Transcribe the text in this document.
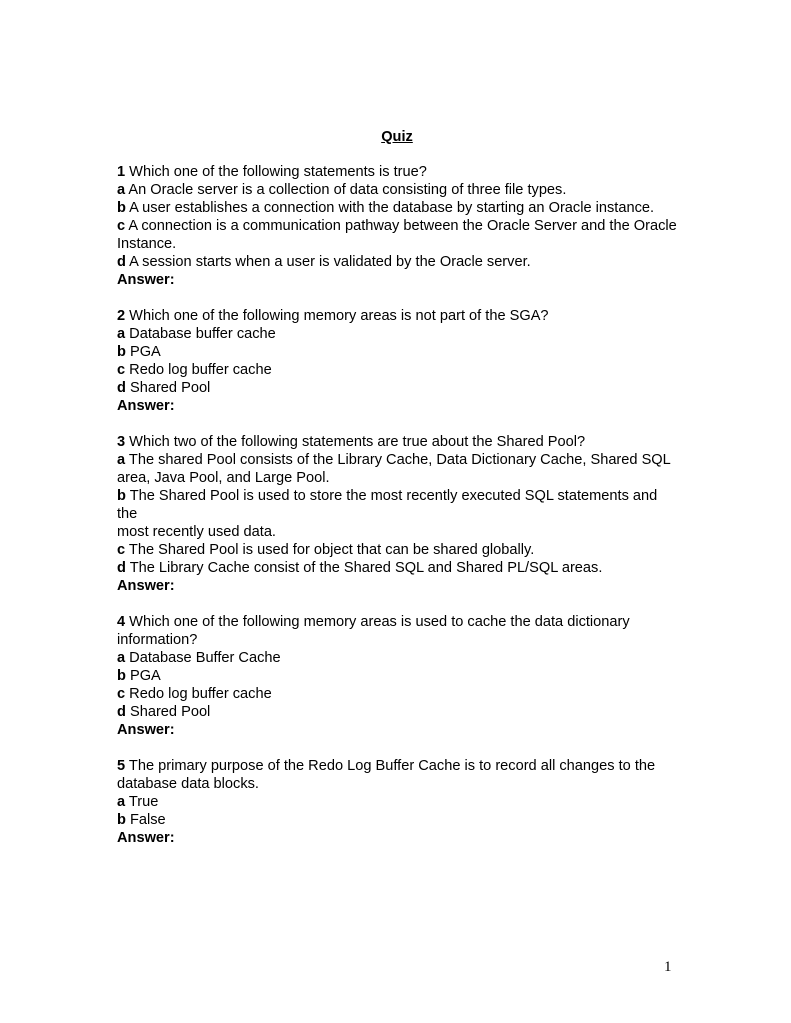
Quiz

1 Which one of the following statements is true?

a An Oracle server is a collection of data consisting of three file types.

b A user establishes a connection with the database by starting an Oracle instance.

c A connection is a communication pathway between the Oracle Server and the Oracle Instance.

d A session starts when a user is validated by the Oracle server.

Answer:

2 Which one of the following memory areas is not part of the SGA?

a Database buffer cache

b PGA

c Redo log buffer cache

d Shared Pool

Answer:

3 Which two of the following statements are true about the Shared Pool?

a The shared Pool consists of the Library Cache, Data Dictionary Cache, Shared SQL

area, Java Pool, and Large Pool.

b The Shared Pool is used to store the most recently executed SQL statements and the

most recently used data.

c The Shared Pool is used for object that can be shared globally.

d The Library Cache consist of the Shared SQL and Shared PL/SQL areas.

Answer:

4 Which one of the following memory areas is used to cache the data dictionary information?

a Database Buffer Cache

b PGA

c Redo log buffer cache

d Shared Pool

Answer:

5 The primary purpose of the Redo Log Buffer Cache is to record all changes to the database data blocks.

a True

b False

Answer:

1
